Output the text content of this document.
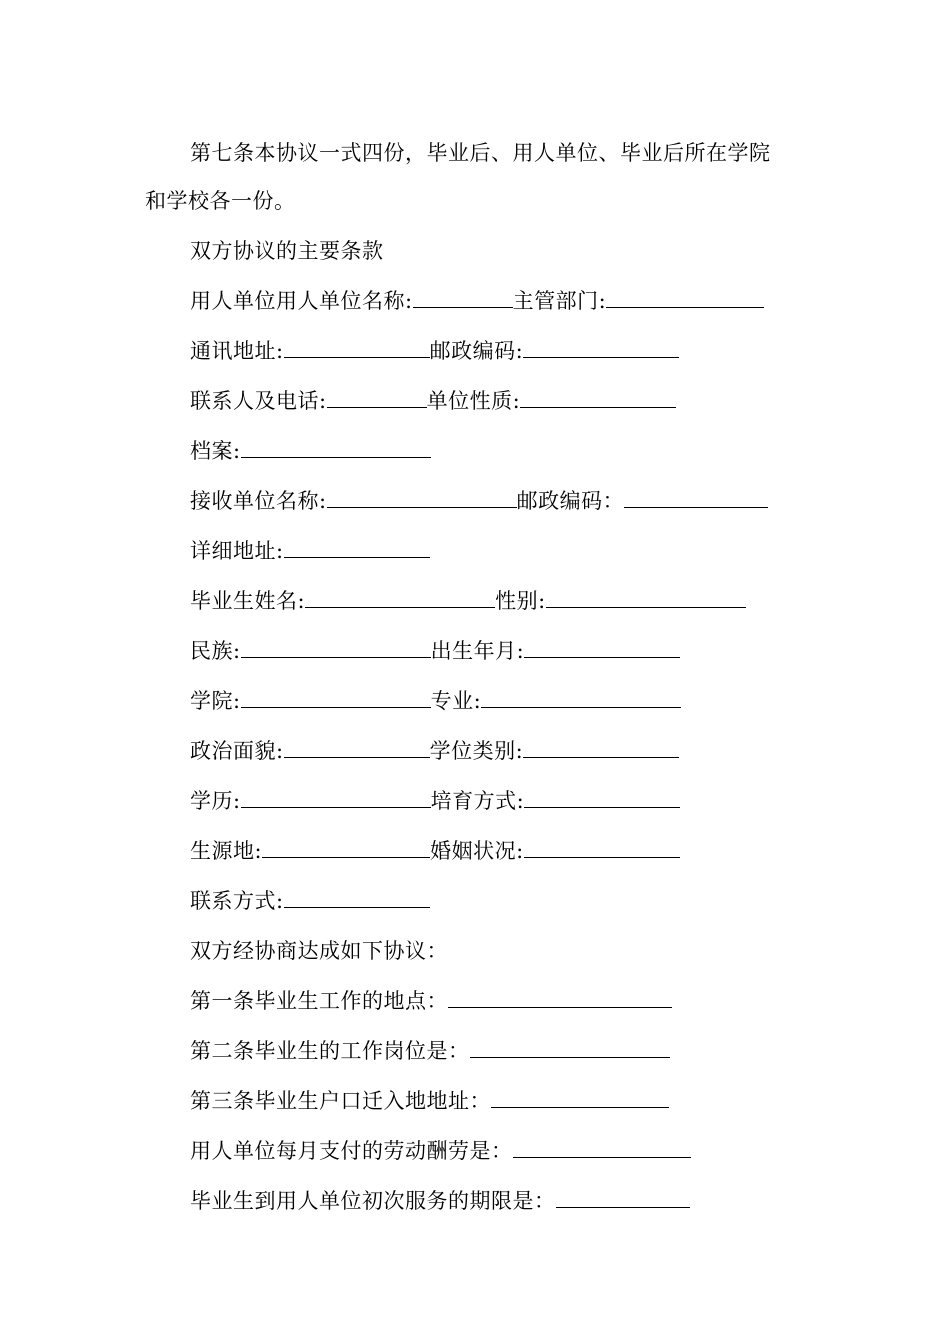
第七条本协议一式四份，毕业后、用人单位、毕业后所在学院
和学校各一份。
双方协议的主要条款
用人单位用人单位名称:	主管部门:
通讯地址:	邮政编码:
联系人及电话:	单位性质:
档案:
接收单位名称:	邮政编码：
详细地址:
毕业生姓名:	性别:
民族:	出生年月:
学院:	专业:
政治面貌:	学位类别:
学历:	培育方式:
生源地:	婚姻状况:
联系方式:
双方经协商达成如下协议：
第一条毕业生工作的地点：
第二条毕业生的工作岗位是：
第三条毕业生户口迁入地地址：
用人单位每月支付的劳动酬劳是：
毕业生到用人单位初次服务的期限是：
